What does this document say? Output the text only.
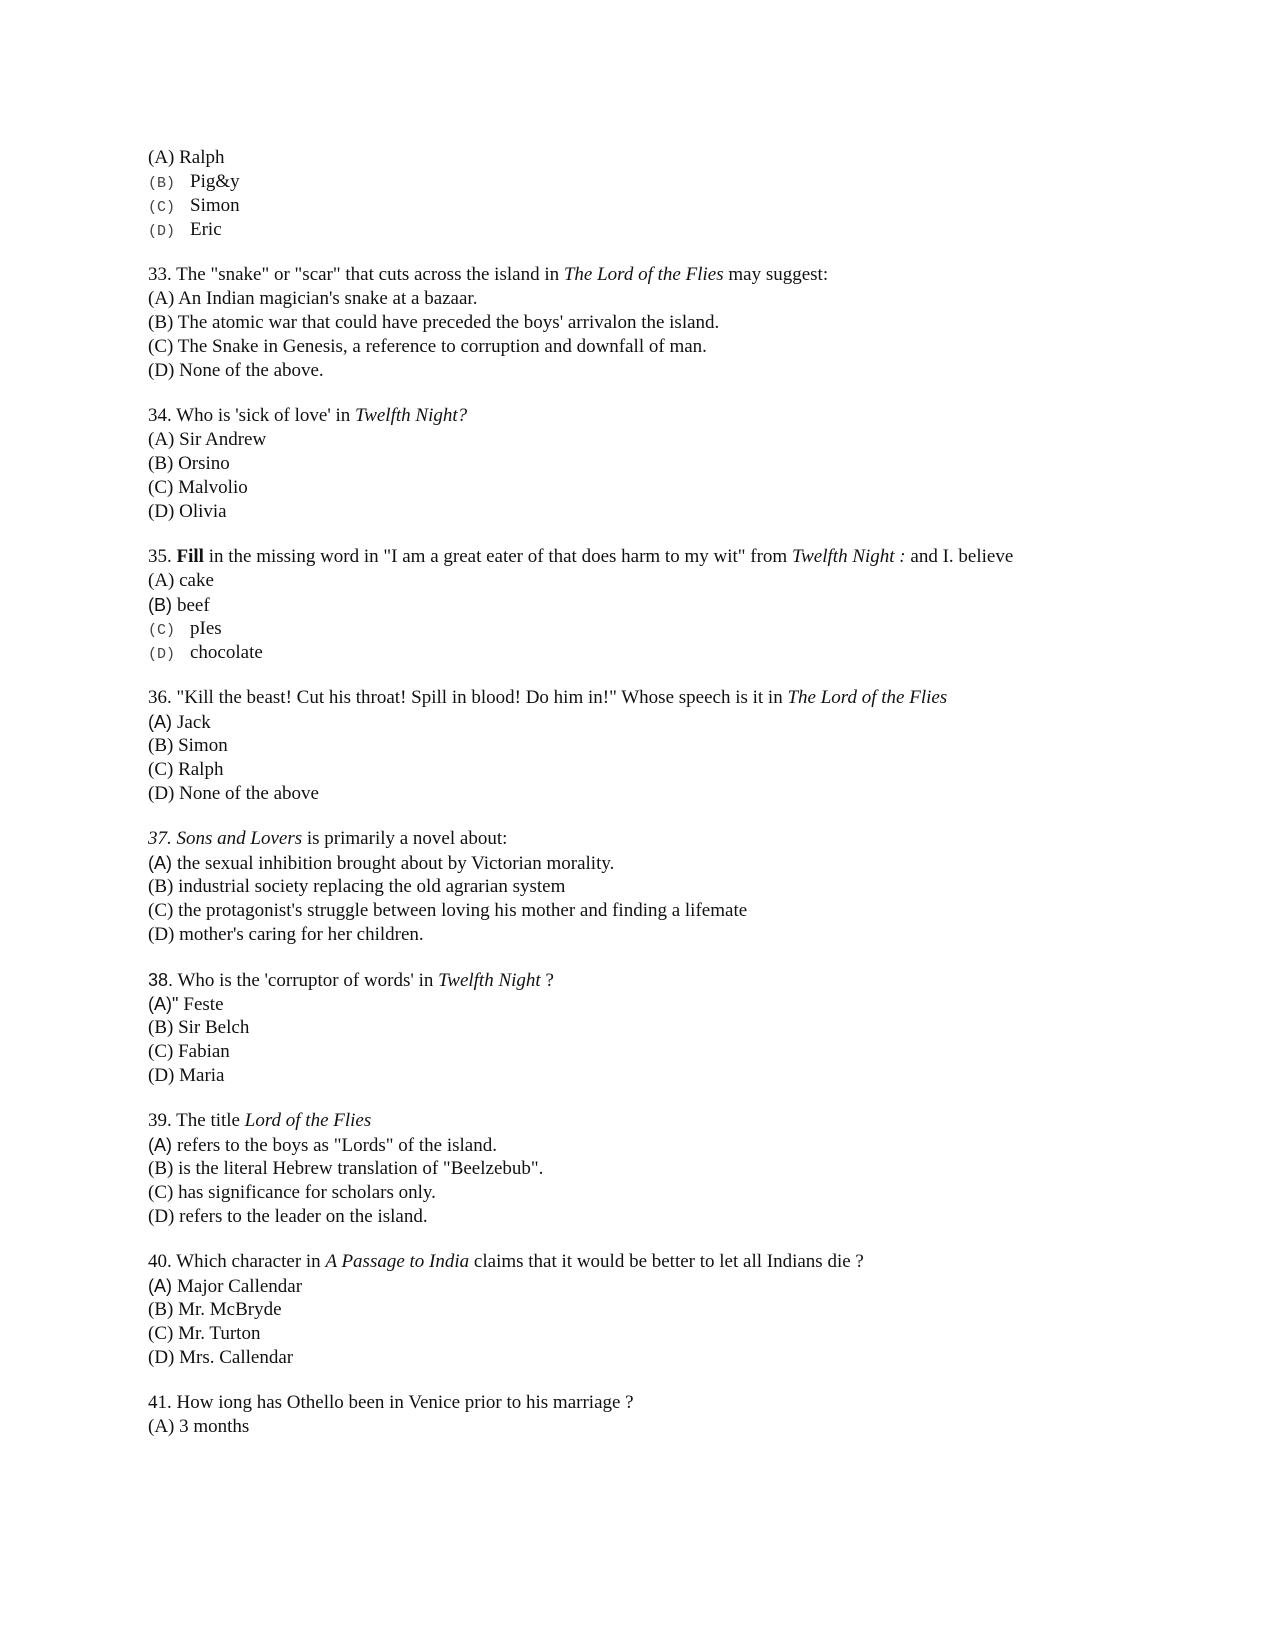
(A) Ralph
(B) Pig&y
(C) Simon
(D) Eric
33. The "snake" or "scar" that cuts across the island in The Lord of the Flies may suggest:
(A) An Indian magician's snake at a bazaar.
(B) The atomic war that could have preceded the boys' arrivalon the island.
(C) The Snake in Genesis, a reference to corruption and downfall of man.
(D) None of the above.
34. Who is 'sick of love' in Twelfth Night?
(A) Sir Andrew
(B) Orsino
(C) Malvolio
(D) Olivia
35. Fill in the missing word in "I am a great eater of that does harm to my wit" from Twelfth Night : and I. believe
(A) cake
(B) beef
(C) pIes
(D) chocolate
36. "Kill the beast! Cut his throat! Spill in blood! Do him in!" Whose speech is it in The Lord of the Flies
(A) Jack
(B) Simon
(C) Ralph
(D) None of the above
37. Sons and Lovers is primarily a novel about:
(A) the sexual inhibition brought about by Victorian morality.
(B) industrial society replacing the old agrarian system
(C) the protagonist's struggle between loving his mother and finding a lifemate
(D) mother's caring for her children.
38. Who is the 'corruptor of words' in Twelfth Night ?
(A)" Feste
(B) Sir Belch
(C) Fabian
(D) Maria
39. The title Lord of the Flies
(A) refers to the boys as "Lords" of the island.
(B) is the literal Hebrew translation of "Beelzebub".
(C) has significance for scholars only.
(D) refers to the leader on the island.
40. Which character in A Passage to India claims that it would be better to let all Indians die ?
(A) Major Callendar
(B) Mr. McBryde
(C) Mr. Turton
(D) Mrs. Callendar
41. How iong has Othello been in Venice prior to his marriage ?
(A) 3 months
